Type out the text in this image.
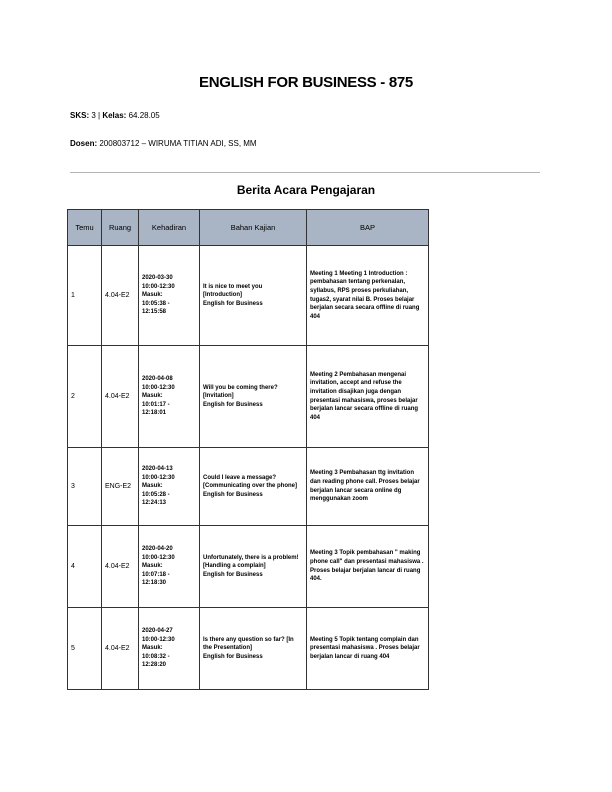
ENGLISH FOR BUSINESS - 875
SKS: 3 | Kelas: 64.28.05
Dosen: 200803712 – WIRUMA TITIAN ADI, SS, MM
Berita Acara Pengajaran
Temu	Ruang	Kehadiran	Bahan Kajian	BAP
1	4.04-E2	2020-03-30
10:00-12:30
Masuk:
10:05:38 -
12:15:58	It is nice to meet you
[Introduction]
English for Business	Meeting 1 Meeting 1 Introduction : pembahasan tentang perkenalan, syllabus, RPS proses perkuliahan, tugas2, syarat nilai B. Proses belajar berjalan secara secara offline di ruang 404
2	4.04-E2	2020-04-08
10:00-12:30
Masuk:
10:01:17 -
12:18:01	Will you be coming there?
[Invitation]
English for Business	Meeting 2 Pembahasan mengenai invitation, accept and refuse the invitation disajikan juga dengan presentasi mahasiswa, proses belajar berjalan lancar secara offline di ruang 404
3	ENG-E2	2020-04-13
10:00-12:30
Masuk:
10:05:28 -
12:24:13	Could I leave a message?
[Communicating over the phone]
English for Business	Meeting 3 Pembahasan ttg invitation dan reading phone call. Proses belajar berjalan lancar secara online dg menggunakan zoom
4	4.04-E2	2020-04-20
10:00-12:30
Masuk:
10:07:18 -
12:18:30	Unfortunately, there is a problem! [Handling a complain]
English for Business	Meeting 3 Topik pembahasan " making phone call" dan presentasi mahasiswa . Proses belajar berjalan lancar di ruang 404.
5	4.04-E2	2020-04-27
10:00-12:30
Masuk:
10:08:32 -
12:28:20	Is there any question so far? [In the Presentation]
English for Business	Meeting 5 Topik tentang complain dan presentasi mahasiswa . Proses belajar berjalan lancar di ruang 404
